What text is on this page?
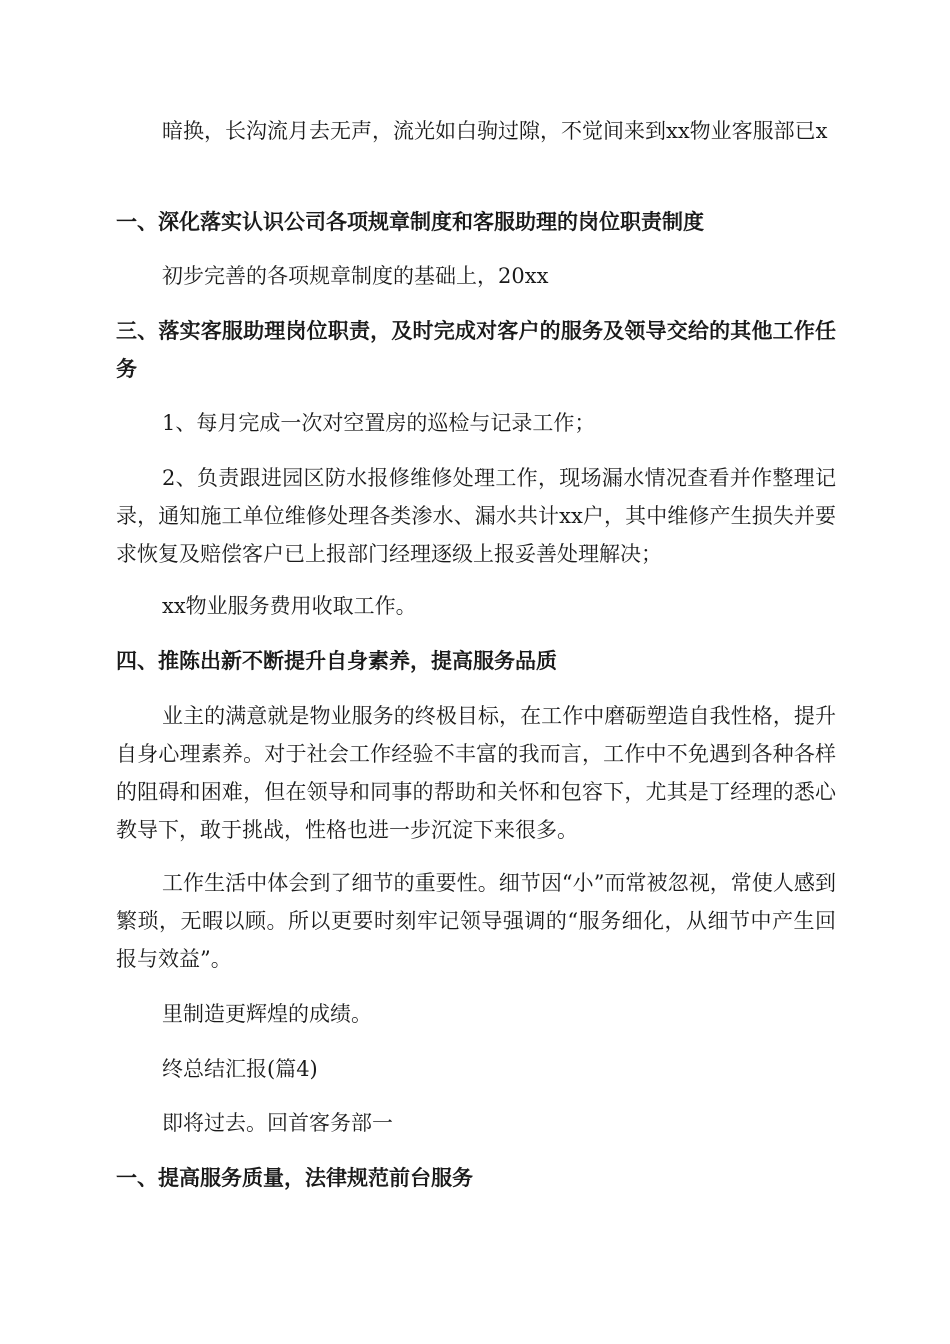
暗换，长沟流月去无声，流光如白驹过隙，不觉间来到xx物业客服部已x

一、深化落实认识公司各项规章制度和客服助理的岗位职责制度

初步完善的各项规章制度的基础上，20xx

三、落实客服助理岗位职责，及时完成对客户的服务及领导交给的其他工作任务

1、每月完成一次对空置房的巡检与记录工作；

2、负责跟进园区防水报修维修处理工作，现场漏水情况查看并作整理记录，通知施工单位维修处理各类渗水、漏水共计xx户，其中维修产生损失并要求恢复及赔偿客户已上报部门经理逐级上报妥善处理解决；

xx物业服务费用收取工作。

四、推陈出新不断提升自身素养，提高服务品质

业主的满意就是物业服务的终极目标，在工作中磨砺塑造自我性格，提升自身心理素养。对于社会工作经验不丰富的我而言，工作中不免遇到各种各样的阻碍和困难，但在领导和同事的帮助和关怀和包容下，尤其是丁经理的悉心教导下，敢于挑战，性格也进一步沉淀下来很多。

工作生活中体会到了细节的重要性。细节因“小”而常被忽视，常使人感到繁琐，无暇以顾。所以更要时刻牢记领导强调的“服务细化，从细节中产生回报与效益”。

里制造更辉煌的成绩。

终总结汇报(篇4)

即将过去。回首客务部一

一、提高服务质量，法律规范前台服务
